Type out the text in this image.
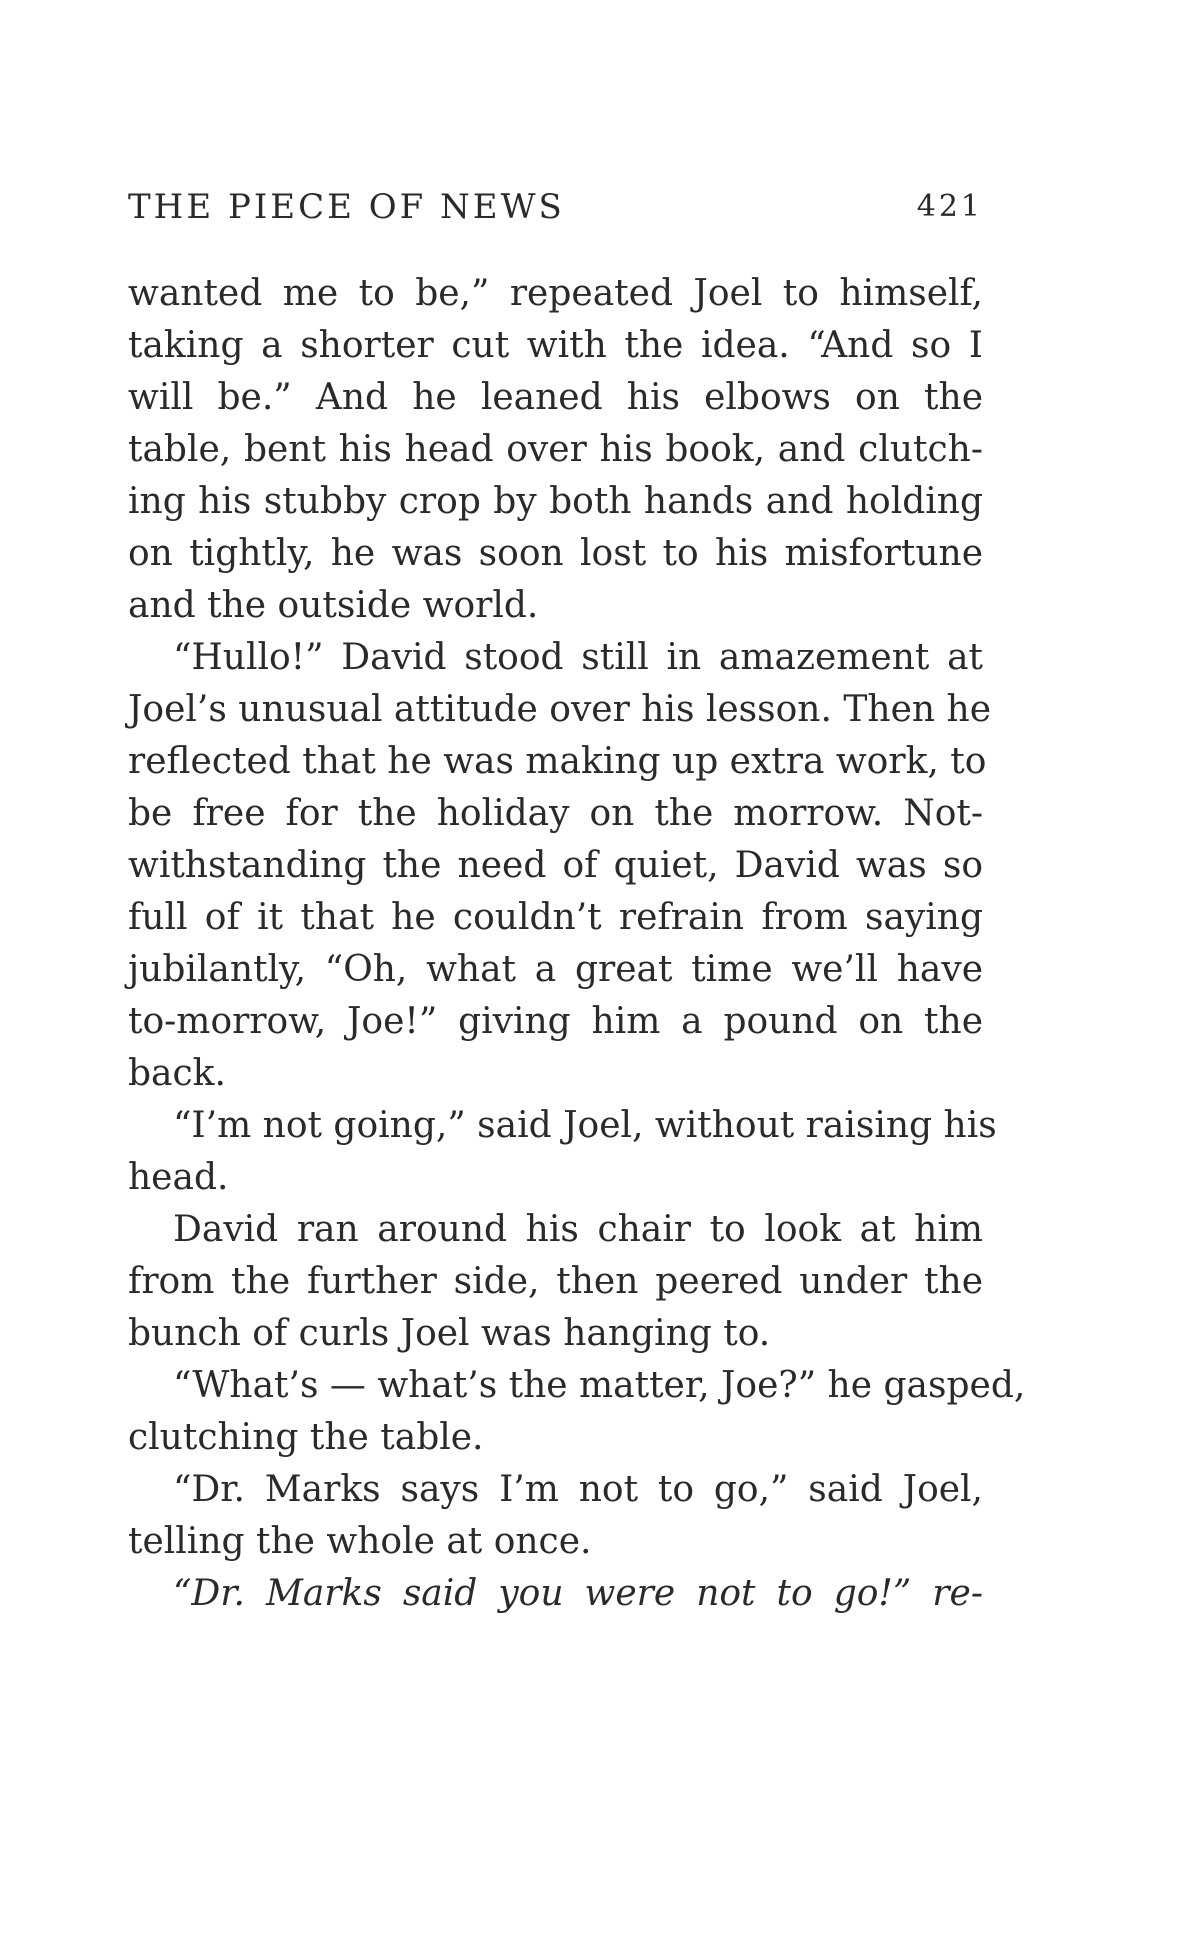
THE PIECE OF NEWS	421
wanted me to be,” repeated Joel to himself,
taking a shorter cut with the idea. “And so I
will be.” And he leaned his elbows on the
table, bent his head over his book, and clutch-
ing his stubby crop by both hands and holding
on tightly, he was soon lost to his misfortune
and the outside world.
“Hullo!” David stood still in amazement at
Joel’s unusual attitude over his lesson. Then he
reflected that he was making up extra work, to
be free for the holiday on the morrow. Not-
withstanding the need of quiet, David was so
full of it that he couldn’t refrain from saying
jubilantly, “Oh, what a great time we’ll have
to-morrow, Joe!” giving him a pound on the
back.
“I’m not going,” said Joel, without raising his
head.
David ran around his chair to look at him
from the further side, then peered under the
bunch of curls Joel was hanging to.
“What’s — what’s the matter, Joe?” he gasped,
clutching the table.
“Dr. Marks says I’m not to go,” said Joel,
telling the whole at once.
“Dr. Marks said you were not to go!” re-
